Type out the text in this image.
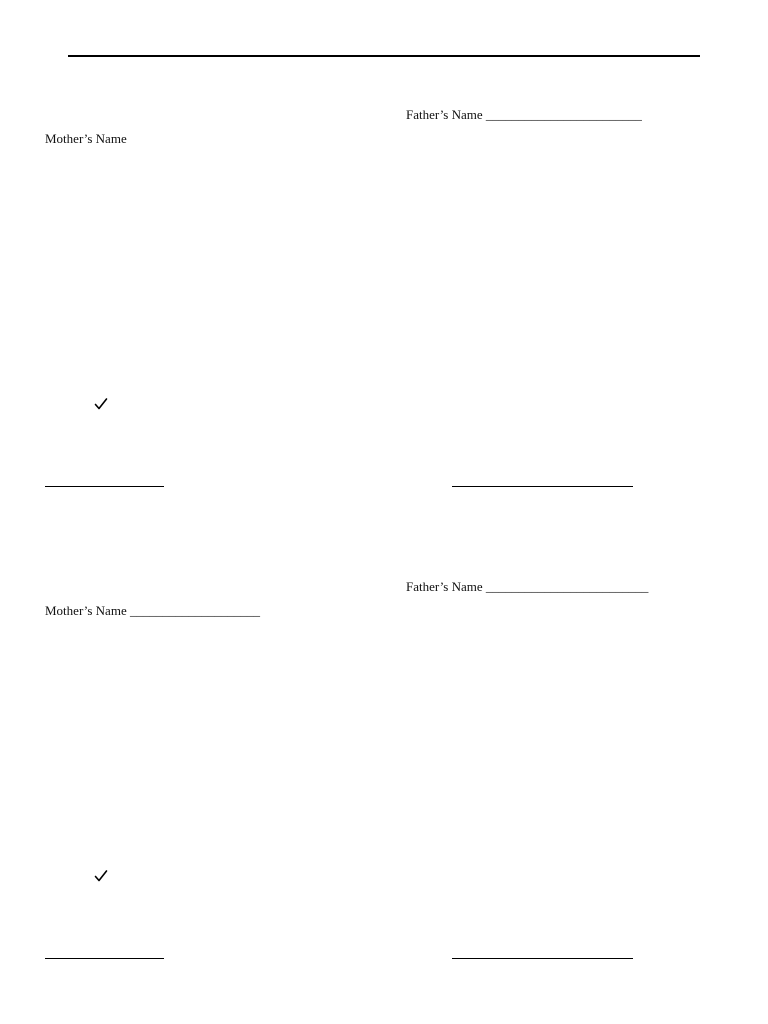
Father’s Name ________________________
Mother’s Name
Father’s Name _________________________
Mother’s Name ____________________
